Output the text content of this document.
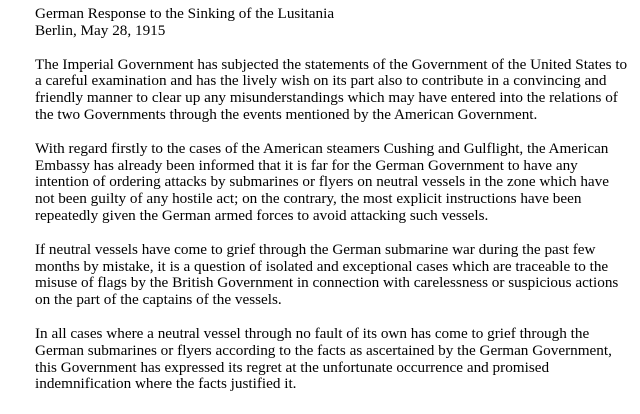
German Response to the Sinking of the Lusitania
Berlin, May 28, 1915
The Imperial Government has subjected the statements of the Government of the United States to
a careful examination and has the lively wish on its part also to contribute in a convincing and
friendly manner to clear up any misunderstandings which may have entered into the relations of
the two Governments through the events mentioned by the American Government.
With regard firstly to the cases of the American steamers Cushing and Gulflight, the American
Embassy has already been informed that it is far for the German Government to have any
intention of ordering attacks by submarines or flyers on neutral vessels in the zone which have
not been guilty of any hostile act; on the contrary, the most explicit instructions have been
repeatedly given the German armed forces to avoid attacking such vessels.
If neutral vessels have come to grief through the German submarine war during the past few
months by mistake, it is a question of isolated and exceptional cases which are traceable to the
misuse of flags by the British Government in connection with carelessness or suspicious actions
on the part of the captains of the vessels.
In all cases where a neutral vessel through no fault of its own has come to grief through the
German submarines or flyers according to the facts as ascertained by the German Government,
this Government has expressed its regret at the unfortunate occurrence and promised
indemnification where the facts justified it.
